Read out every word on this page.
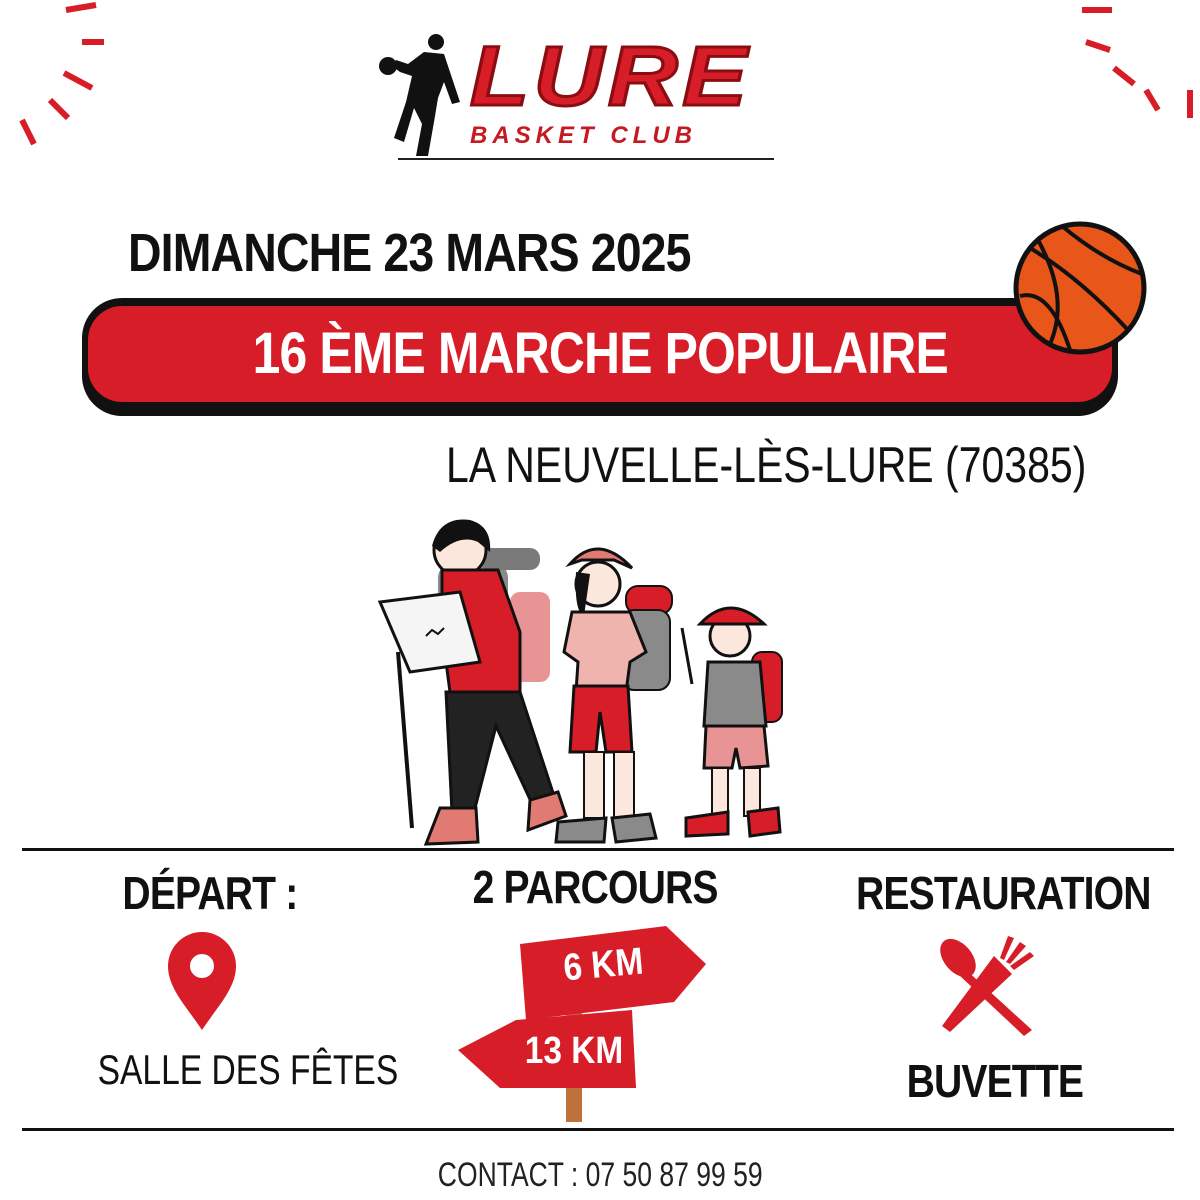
LURE
BASKET CLUB
DIMANCHE 23 MARS 2025
16 ÈME MARCHE POPULAIRE
LA NEUVELLE-LÈS-LURE (70385)
DÉPART :
SALLE DES FÊTES
2 PARCOURS
6 KM
13 KM
RESTAURATION
BUVETTE
CONTACT : 07 50 87 99 59
